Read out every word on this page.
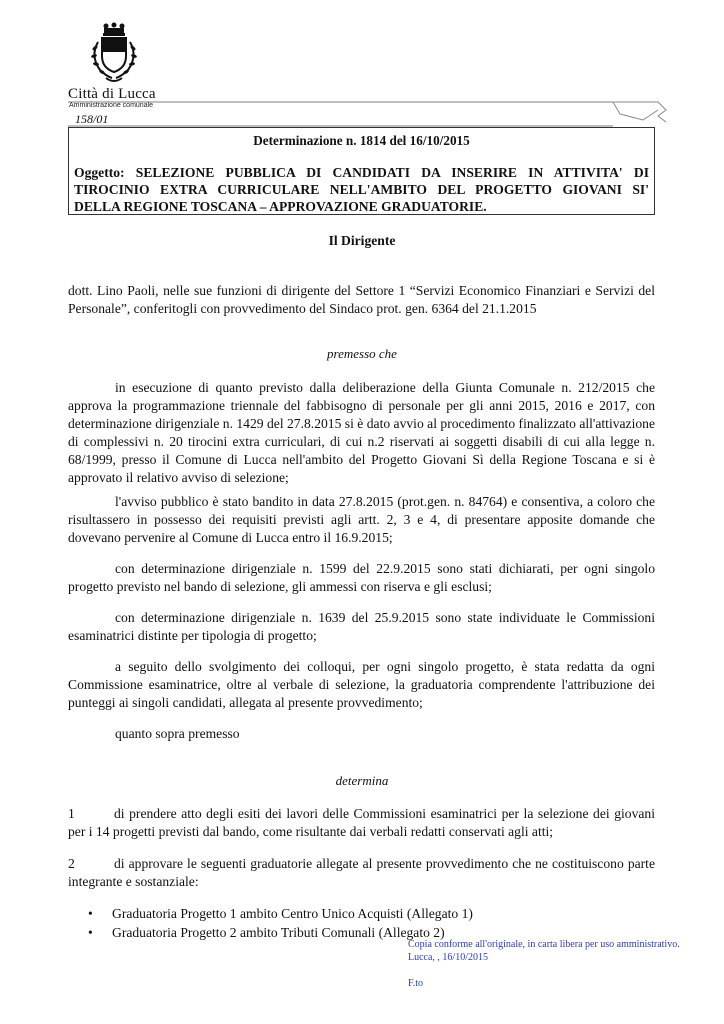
Città di Lucca
Amministrazione comunale
158/01
Determinazione n. 1814 del 16/10/2015
Oggetto: SELEZIONE PUBBLICA DI CANDIDATI DA INSERIRE IN ATTIVITA' DI TIROCINIO EXTRA CURRICULARE NELL'AMBITO DEL PROGETTO GIOVANI SI' DELLA REGIONE TOSCANA – APPROVAZIONE GRADUATORIE.
Il Dirigente
dott. Lino Paoli, nelle sue funzioni di dirigente del Settore 1 “Servizi Economico Finanziari e Servizi del Personale”, conferitogli con provvedimento del Sindaco prot. gen. 6364 del 21.1.2015
premesso che
in esecuzione di quanto previsto dalla deliberazione della Giunta Comunale n. 212/2015 che approva la programmazione triennale del fabbisogno di personale per gli anni 2015, 2016 e 2017, con determinazione dirigenziale n. 1429 del 27.8.2015 si è dato avvio al procedimento finalizzato all'attivazione di complessivi n. 20 tirocini extra curriculari, di cui n.2 riservati ai soggetti disabili di cui alla legge n. 68/1999, presso il Comune di Lucca nell'ambito del Progetto Giovani Sì della Regione Toscana e si è approvato il relativo avviso di selezione;
l'avviso pubblico è stato bandito in data 27.8.2015 (prot.gen. n. 84764) e consentiva, a coloro che risultassero in possesso dei requisiti previsti agli artt. 2, 3 e 4, di presentare apposite domande che dovevano pervenire al Comune di Lucca entro il 16.9.2015;
con determinazione dirigenziale n. 1599 del 22.9.2015 sono stati dichiarati, per ogni singolo progetto previsto nel bando di selezione, gli ammessi con riserva e gli esclusi;
con determinazione dirigenziale n. 1639 del 25.9.2015 sono state individuate le Commissioni esaminatrici distinte per tipologia di progetto;
a seguito dello svolgimento dei colloqui, per ogni singolo progetto, è stata redatta da ogni Commissione esaminatrice, oltre al verbale di selezione, la graduatoria comprendente l'attribuzione dei punteggi ai singoli candidati, allegata al presente provvedimento;
quanto sopra premesso
determina
1	di prendere atto degli esiti dei lavori delle Commissioni esaminatrici per la selezione dei giovani per i 14 progetti previsti dal bando, come risultante dai verbali redatti conservati agli atti;
2	di approvare le seguenti graduatorie allegate al presente provvedimento che ne costituiscono parte integrante e sostanziale:
• Graduatoria Progetto 1 ambito Centro Unico Acquisti (Allegato 1)
• Graduatoria Progetto 2 ambito Tributi Comunali (Allegato 2)
Copia conforme all'originale, in carta libera per uso amministrativo.
Lucca, , 16/10/2015
F.to
